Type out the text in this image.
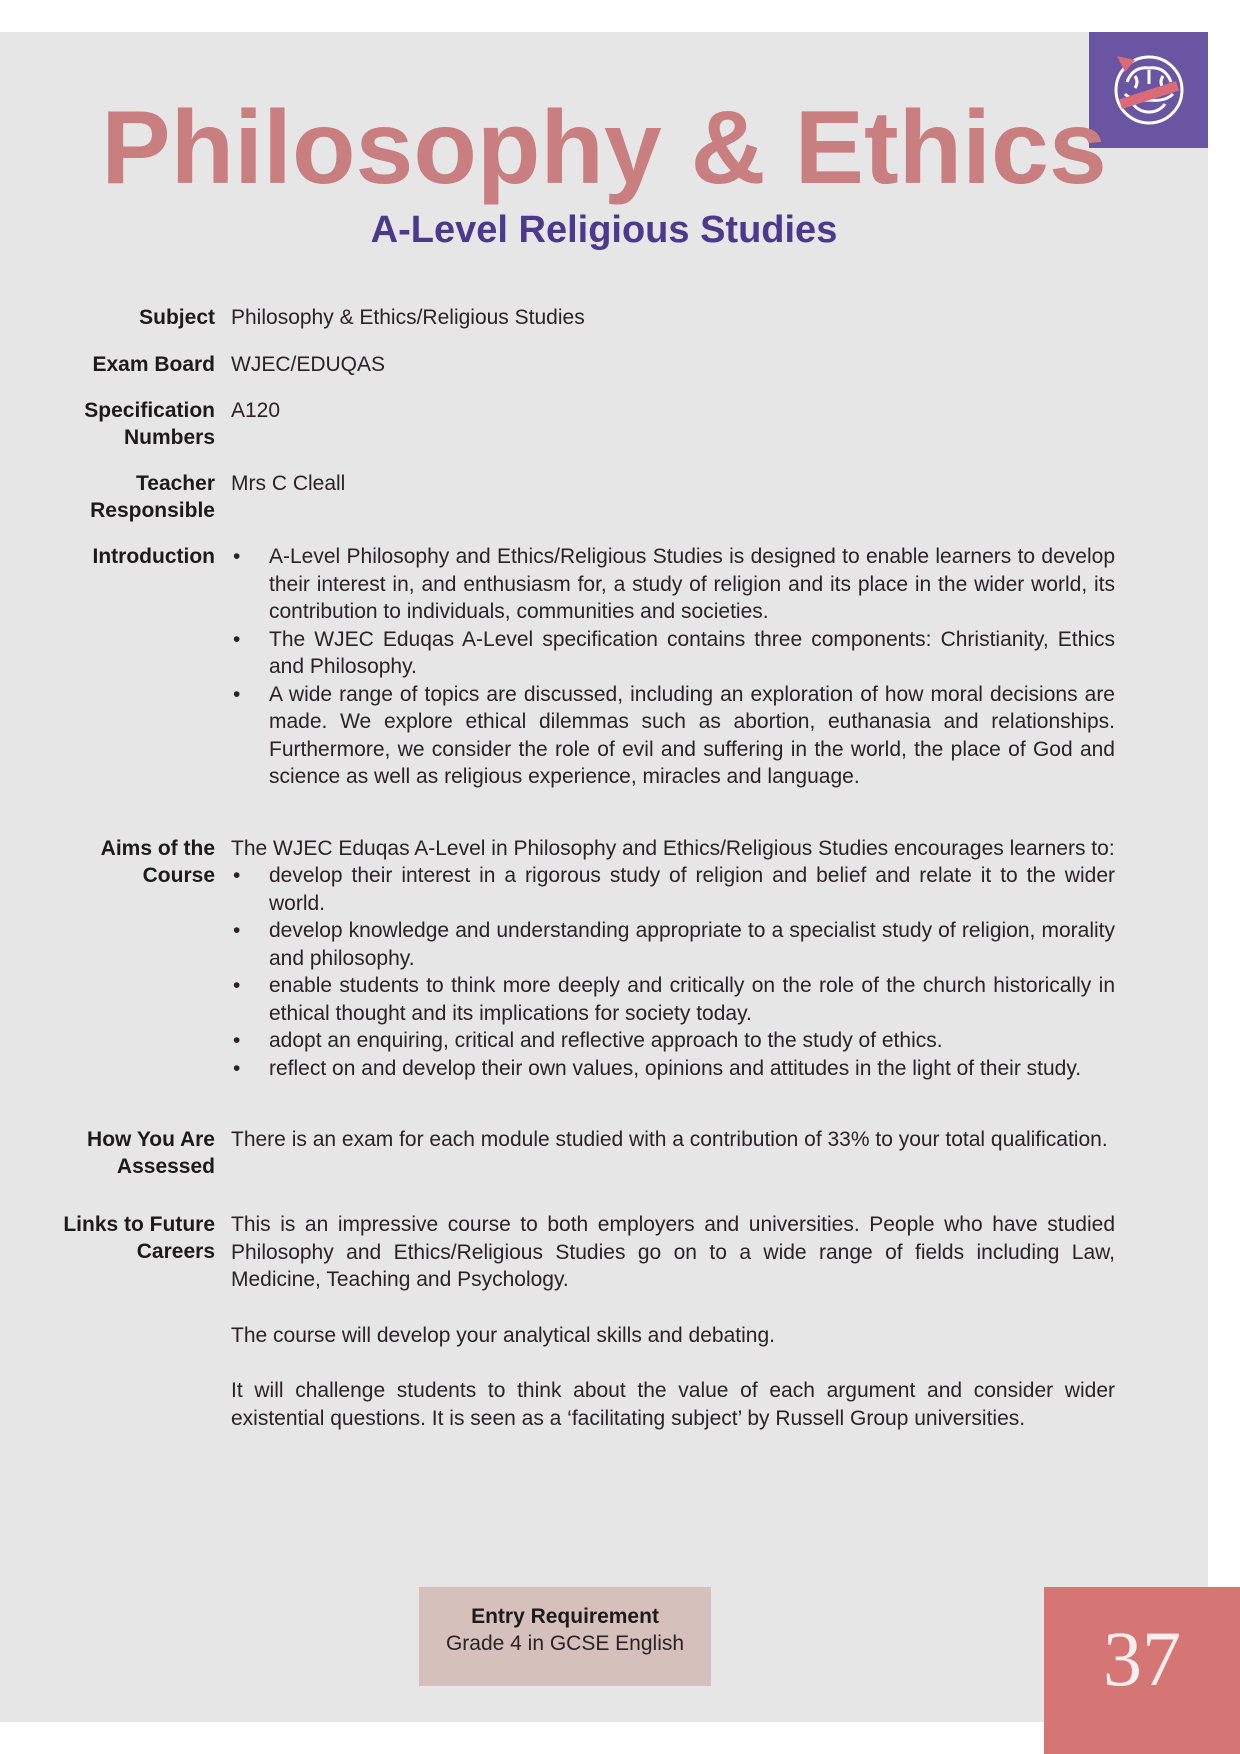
Philosophy & Ethics
A-Level Religious Studies
Subject Philosophy & Ethics/Religious Studies
Exam Board WJEC/EDUQAS
Specification
Numbers
A120
Teacher
Responsible
Mrs C Cleall
Introduction
•	A-Level Philosophy and Ethics/Religious Studies is designed to enable learners to develop their interest in, and enthusiasm for, a study of religion and its place in the wider world, its contribution to individuals, communities and societies.
• The WJEC Eduqas A-Level specification contains three components: Christianity, Ethics and Philosophy.
• A wide range of topics are discussed, including an exploration of how moral decisions are made. We explore ethical dilemmas such as abortion, euthanasia and relationships. Furthermore, we consider the role of evil and suffering in the world, the place of God and science as well as religious experience, miracles and language.
Aims of the
Course

The WJEC Eduqas A-Level in Philosophy and Ethics/Religious Studies encourages learners to:

• develop their interest in a rigorous study of religion and belief and relate it to the wider world.
• develop knowledge and understanding appropriate to a specialist study of religion, morality and philosophy.
• enable students to think more deeply and critically on the role of the church historically in ethical thought and its implications for society today.
• adopt an enquiring, critical and reflective approach to the study of ethics.
• reflect on and develop their own values, opinions and attitudes in the light of their study.
How You Are
Assessed
There is an exam for each module studied with a contribution of 33% to your total qualification.
Links to Future
Careers

This is an impressive course to both employers and universities. People who have studied Philosophy and Ethics/Religious Studies go on to a wide range of fields including Law, Medicine, Teaching and Psychology.

The course will develop your analytical skills and debating.

It will challenge students to think about the value of each argument and consider wider existential questions. It is seen as a ‘facilitating subject’ by Russell Group universities.

Entry Requirement
Grade 4 in GCSE English	37
